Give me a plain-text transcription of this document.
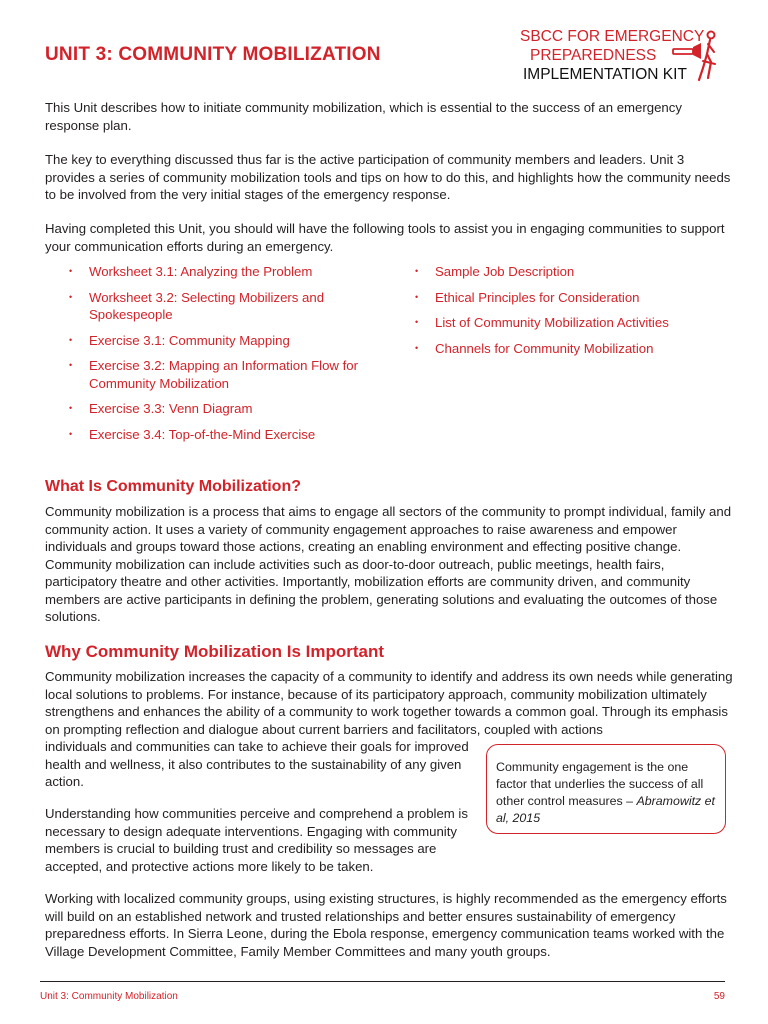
UNIT 3: COMMUNITY MOBILIZATION
SBCC FOR EMERGENCY
PREPAREDNESS
IMPLEMENTATION KIT

This Unit describes how to initiate community mobilization, which is essential to the success of an emergency response plan.

The key to everything discussed thus far is the active participation of community members and leaders. Unit 3 provides a series of community mobilization tools and tips on how to do this, and highlights how the community needs to be involved from the very initial stages of the emergency response.

Having completed this Unit, you should will have the following tools to assist you in engaging communities to support your communication efforts during an emergency.

• Worksheet 3.1: Analyzing the Problem
• Worksheet 3.2: Selecting Mobilizers and Spokespeople
• Exercise 3.1: Community Mapping
• Exercise 3.2: Mapping an Information Flow for Community Mobilization
• Exercise 3.3: Venn Diagram
• Exercise 3.4: Top-of-the-Mind Exercise
• Sample Job Description
• Ethical Principles for Consideration
• List of Community Mobilization Activities
• Channels for Community Mobilization
What Is Community Mobilization?

Community mobilization is a process that aims to engage all sectors of the community to prompt individual, family and community action. It uses a variety of community engagement approaches to raise awareness and empower individuals and groups toward those actions, creating an enabling environment and effecting positive change. Community mobilization can include activities such as door-to-door outreach, public meetings, health fairs, participatory theatre and other activities. Importantly, mobilization efforts are community driven, and community members are active participants in defining the problem, generating solutions and evaluating the outcomes of those solutions.

Why Community Mobilization Is Important

Community mobilization increases the capacity of a community to identify and address its own needs while generating local solutions to problems. For instance, because of its participatory approach, community mobilization ultimately strengthens and enhances the ability of a community to work together towards a common goal. Through its emphasis on prompting reflection and dialogue about current barriers and facilitators, coupled with actions

individuals and communities can take to achieve their goals for improved health and wellness, it also contributes to the sustainability of any given action.

Understanding how communities perceive and comprehend a problem is necessary to design adequate interventions. Engaging with community members is crucial to building trust and credibility so messages are accepted, and protective actions more likely to be taken.

Working with localized community groups, using existing structures, is highly recommended as the emergency efforts will build on an established network and trusted relationships and better ensures sustainability of emergency preparedness efforts. In Sierra Leone, during the Ebola response, emergency communication teams worked with the Village Development Committee, Family Member Committees and many youth groups.

Community engagement is the one factor that underlies the success of all other control measures – Abramowitz et al, 2015
Unit 3: Community Mobilization	59
